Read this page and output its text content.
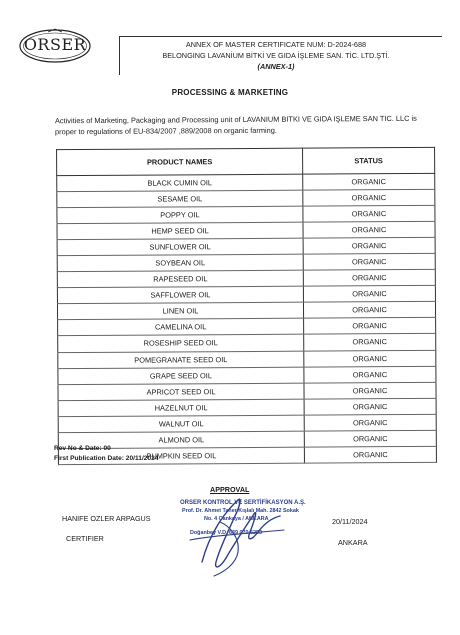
ORSER	ANNEX OF MASTER CERTIFICATE NUM: D-2024-688
BELONGING LAVANİUM BİTKİ VE GIDA İŞLEME SAN. TİC. LTD.ŞTİ.
(ANNEX-1)
PROCESSING & MARKETING
Activities of Marketing, Packaging and Processing unit of LAVANIUM BITKI VE GIDA IŞLEME SAN TIC. LLC is proper to regulations of EU-834/2007 ,889/2008 on organic farming.
PRODUCT NAMES	STATUS
BLACK CUMIN OIL	ORGANIC
SESAME OIL	ORGANIC
POPPY OIL	ORGANIC
HEMP SEED OIL	ORGANIC
SUNFLOWER OIL	ORGANIC
SOYBEAN OIL	ORGANIC
RAPESEED OIL	ORGANIC
SAFFLOWER OIL	ORGANIC
LINEN OIL	ORGANIC
CAMELINA OIL	ORGANIC
ROSESHIP SEED OIL	ORGANIC
POMEGRANATE SEED OIL	ORGANIC
GRAPE SEED OIL	ORGANIC
APRICOT SEED OIL	ORGANIC
HAZELNUT OIL	ORGANIC
WALNUT OIL	ORGANIC
ALMOND OIL	ORGANIC
PUMPKIN SEED OIL	ORGANIC
Rev No & Date: 00
First Publication Date: 20/11/2024
APPROVAL
HANIFE OZLER ARPAGUS
CERTIFIER
20/11/2024
ANKARA
ORSER KONTROL VE SERTİFİKASYON A.Ş.
Prof. Dr. Ahmet Taner Kışlalı Mah. 2842 Sokak
No. 4 Çankaya / ANKARA
Doğanbey V.D. 639 070 6253
